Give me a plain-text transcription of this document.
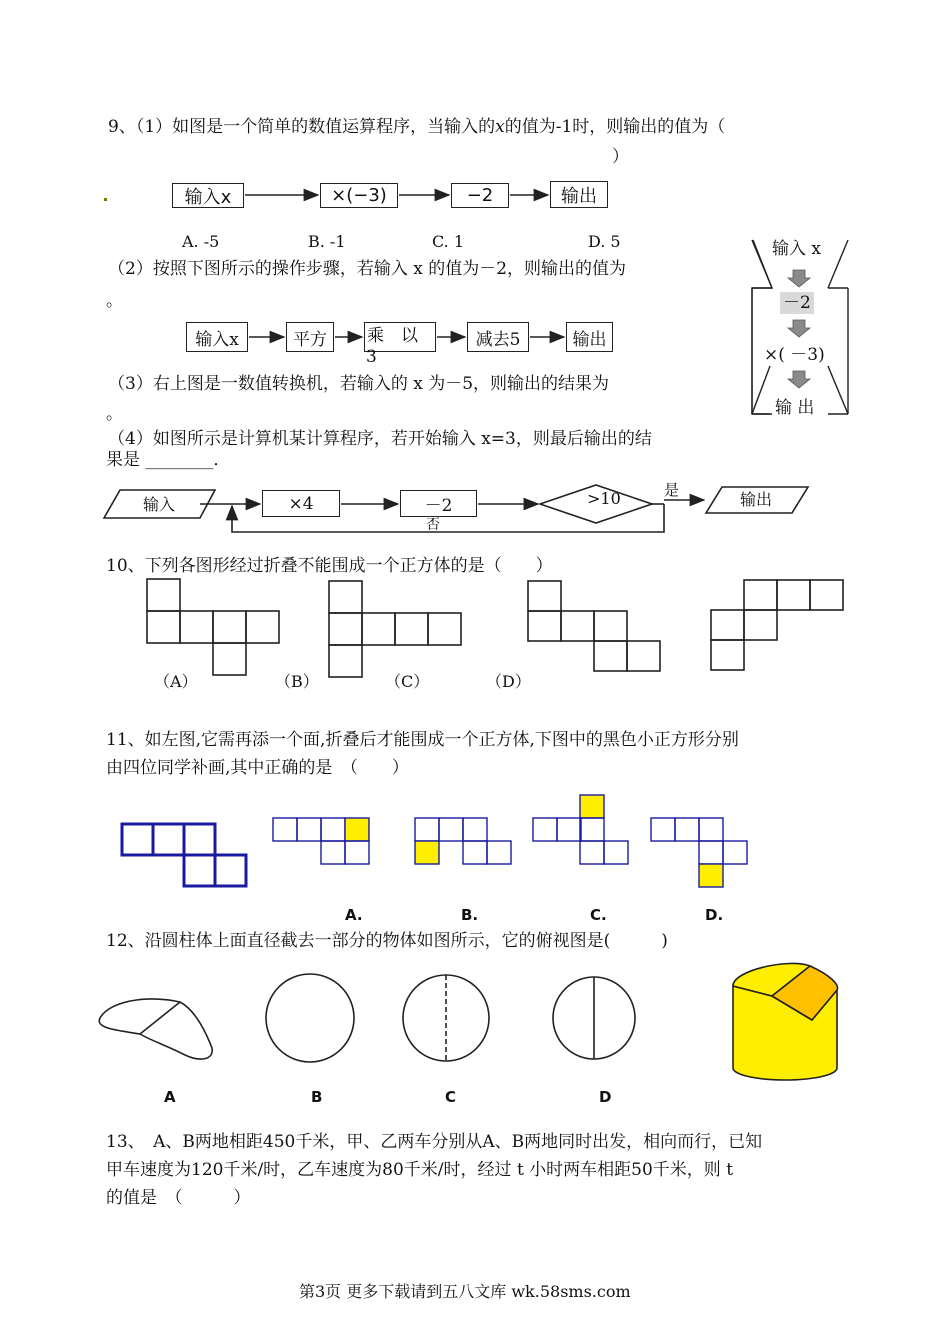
9、（1）如图是一个简单的数值运算程序，当输入的x的值为-1时，则输出的值为（
）
输入x	×(−3)	−2	输出
A. -5	B. -1	C. 1	D. 5
（2）按照下图所示的操作步骤，若输入 x 的值为－2，则输出的值为
。
输入x	平方	乘　以
3
减去5	输出
（3）右上图是一数值转换机，若输入的 x 为－5，则输出的结果为
。
输入 x
－2
×( －3)
输 出
（4）如图所示是计算机某计算程序，若开始输入 x=3，则最后输出的结
果是 ________．
输入	×4	－2	>10	是
否
输出
10、下列各图形经过折叠不能围成一个正方体的是（　　）
（A）	（B）	（C）	（D）
11、如左图,它需再添一个面,折叠后才能围成一个正方体,下图中的黑色小正方形分别
由四位同学补画,其中正确的是　（　　）
A.	B.	C.	D.
12、沿圆柱体上面直径截去一部分的物体如图所示，它的俯视图是(　　　)
A	B	C	D
13、　A、B两地相距450千米，甲、乙两车分别从A、B两地同时出发，相向而行，已知
甲车速度为120千米/时，乙车速度为80千米/时，经过 t 小时两车相距50千米，则 t
的值是　（　　　）
第3页 更多下载请到五八文库 wk.58sms.com
